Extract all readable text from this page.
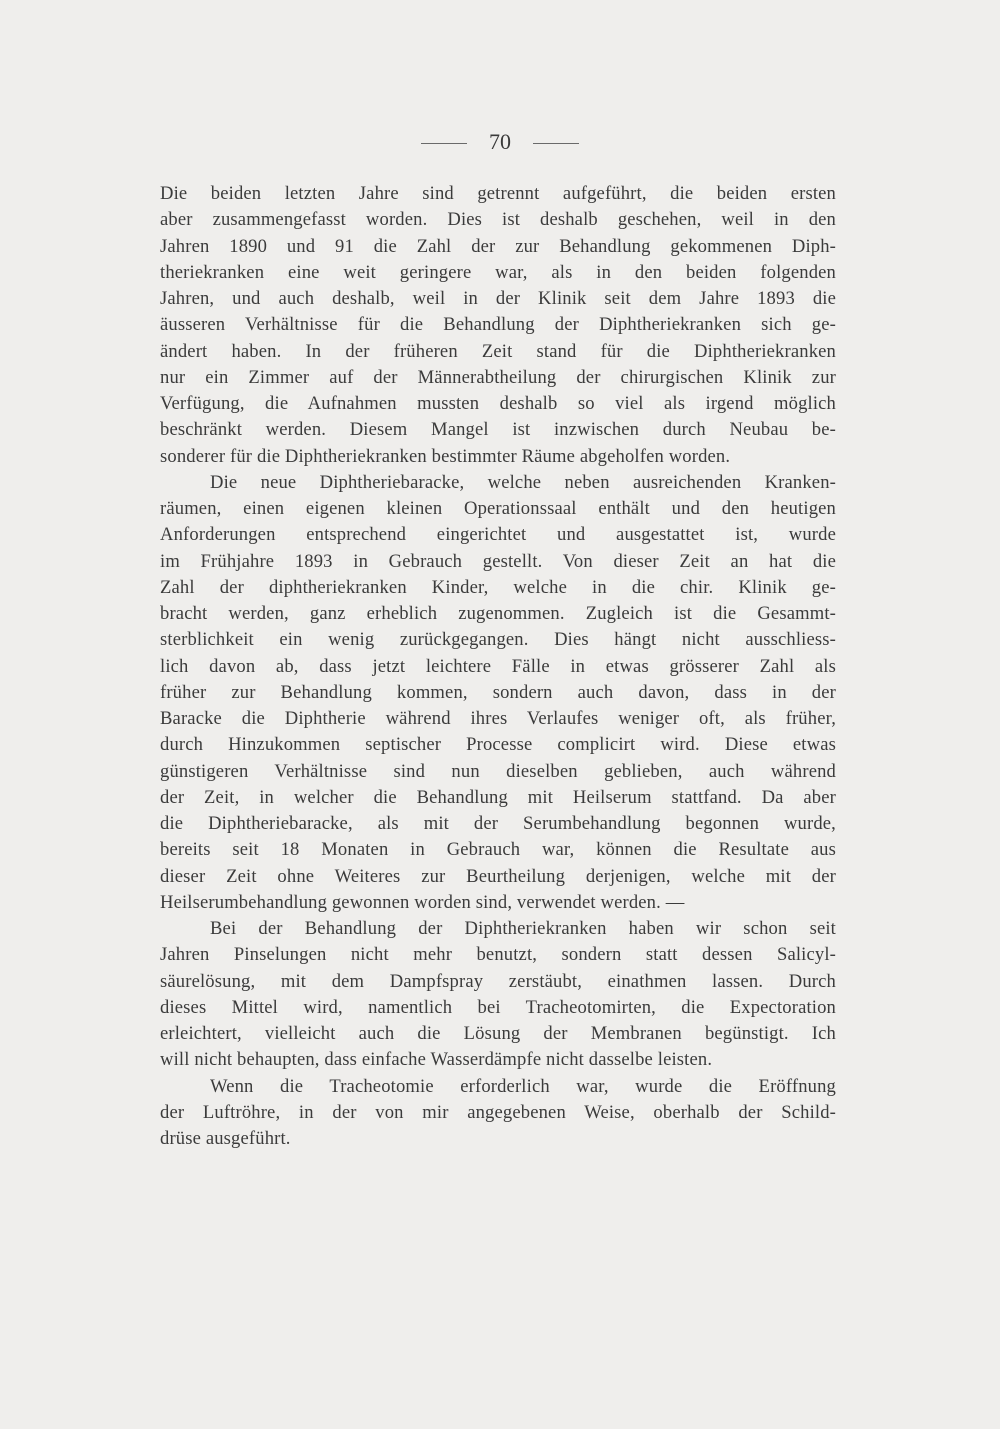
70
Die beiden letzten Jahre sind getrennt aufgeführt, die beiden ersten
aber zusammengefasst worden. Dies ist deshalb geschehen, weil in den
Jahren 1890 und 91 die Zahl der zur Behandlung gekommenen Diph-
theriekranken eine weit geringere war, als in den beiden folgenden
Jahren, und auch deshalb, weil in der Klinik seit dem Jahre 1893 die
äusseren Verhältnisse für die Behandlung der Diphtheriekranken sich ge-
ändert haben. In der früheren Zeit stand für die Diphtheriekranken
nur ein Zimmer auf der Männerabtheilung der chirurgischen Klinik zur
Verfügung, die Aufnahmen mussten deshalb so viel als irgend möglich
beschränkt werden. Diesem Mangel ist inzwischen durch Neubau be-
sonderer für die Diphtheriekranken bestimmter Räume abgeholfen worden.
Die neue Diphtheriebaracke, welche neben ausreichenden Kranken-
räumen, einen eigenen kleinen Operationssaal enthält und den heutigen
Anforderungen entsprechend eingerichtet und ausgestattet ist, wurde
im Frühjahre 1893 in Gebrauch gestellt. Von dieser Zeit an hat die
Zahl der diphtheriekranken Kinder, welche in die chir. Klinik ge-
bracht werden, ganz erheblich zugenommen. Zugleich ist die Gesammt-
sterblichkeit ein wenig zurückgegangen. Dies hängt nicht ausschliess-
lich davon ab, dass jetzt leichtere Fälle in etwas grösserer Zahl als
früher zur Behandlung kommen, sondern auch davon, dass in der
Baracke die Diphtherie während ihres Verlaufes weniger oft, als früher,
durch Hinzukommen septischer Processe complicirt wird. Diese etwas
günstigeren Verhältnisse sind nun dieselben geblieben, auch während
der Zeit, in welcher die Behandlung mit Heilserum stattfand. Da aber
die Diphtheriebaracke, als mit der Serumbehandlung begonnen wurde,
bereits seit 18 Monaten in Gebrauch war, können die Resultate aus
dieser Zeit ohne Weiteres zur Beurtheilung derjenigen, welche mit der
Heilserumbehandlung gewonnen worden sind, verwendet werden. —
Bei der Behandlung der Diphtheriekranken haben wir schon seit
Jahren Pinselungen nicht mehr benutzt, sondern statt dessen Salicyl-
säurelösung, mit dem Dampfspray zerstäubt, einathmen lassen. Durch
dieses Mittel wird, namentlich bei Tracheotomirten, die Expectoration
erleichtert, vielleicht auch die Lösung der Membranen begünstigt. Ich
will nicht behaupten, dass einfache Wasserdämpfe nicht dasselbe leisten.
Wenn die Tracheotomie erforderlich war, wurde die Eröffnung
der Luftröhre, in der von mir angegebenen Weise, oberhalb der Schild-
drüse ausgeführt.
